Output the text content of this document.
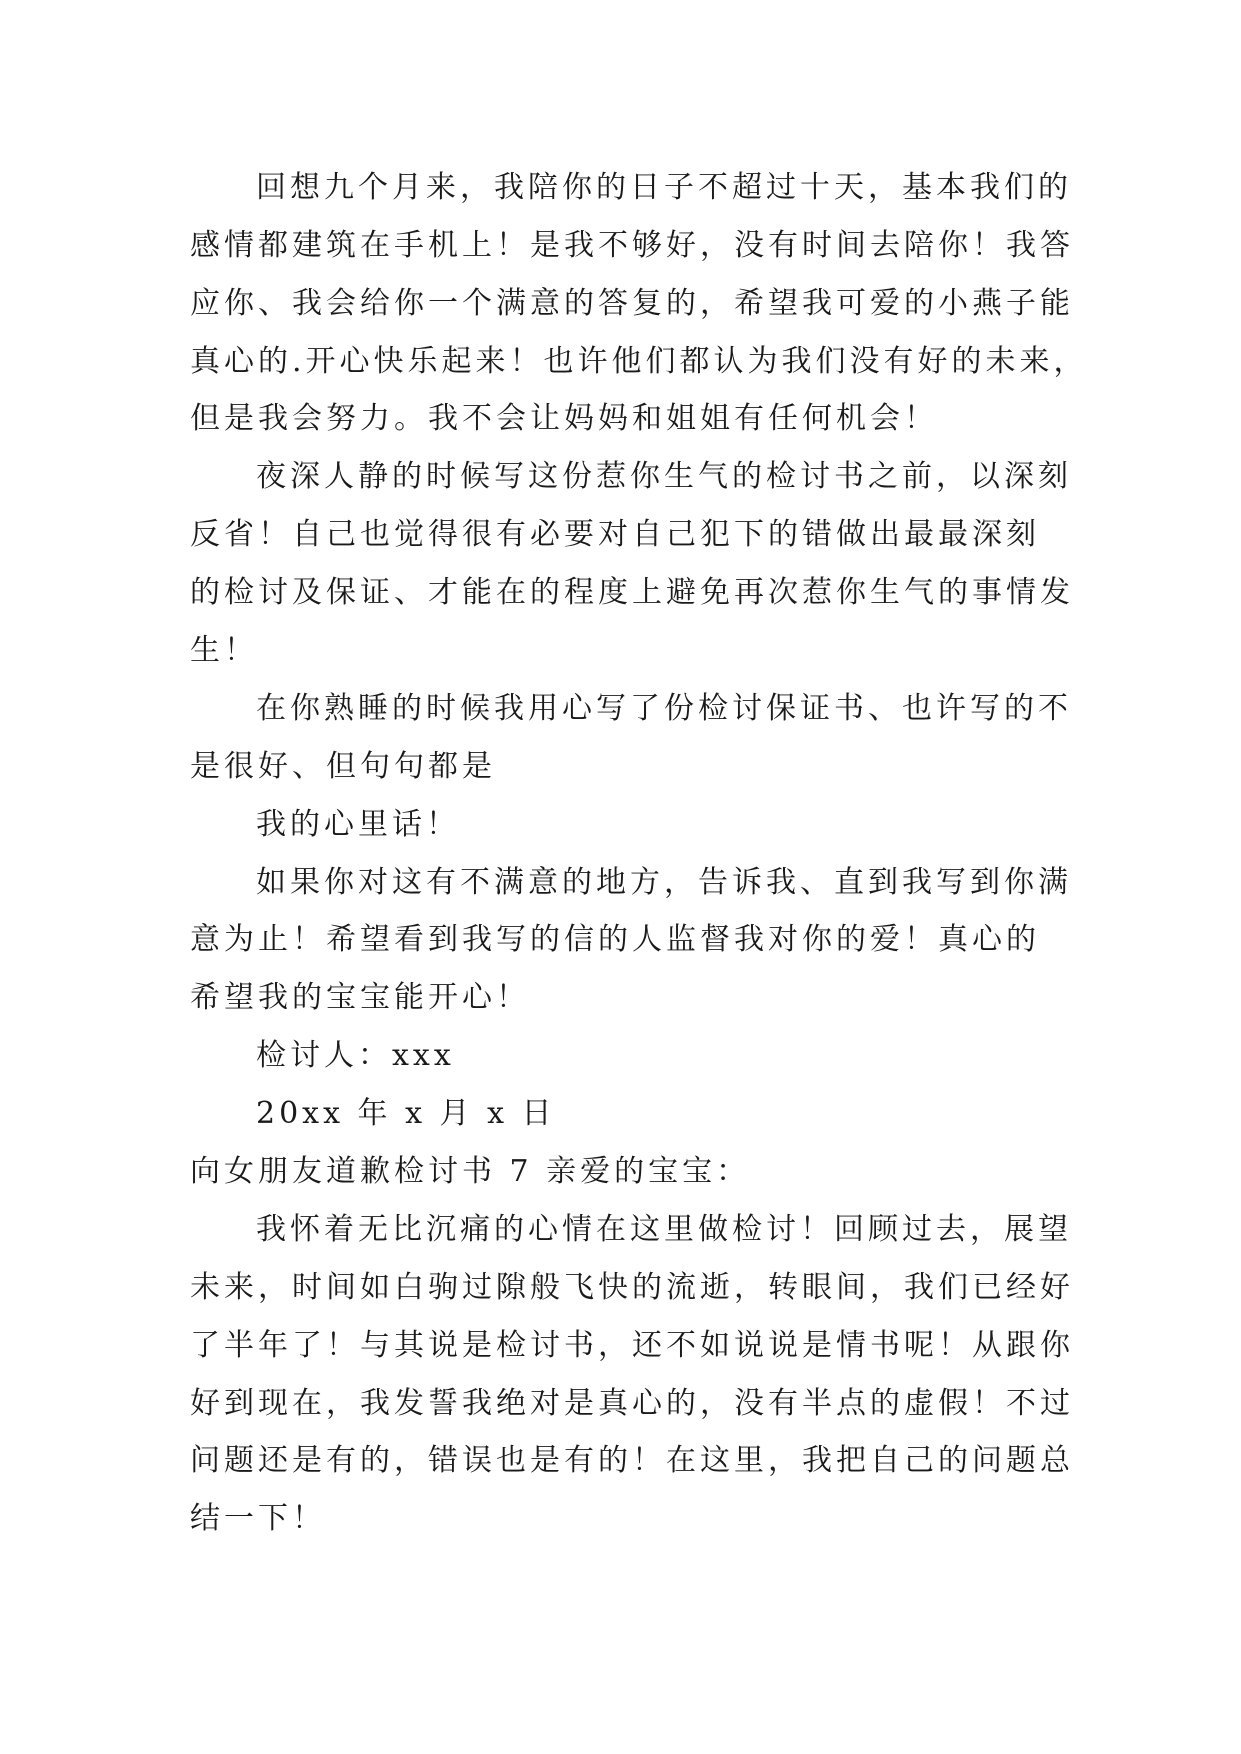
回想九个月来，我陪你的日子不超过十天，基本我们的
感情都建筑在手机上！是我不够好，没有时间去陪你！我答
应你、我会给你一个满意的答复的，希望我可爱的小燕子能
真心的.开心快乐起来！也许他们都认为我们没有好的未来，
但是我会努力。我不会让妈妈和姐姐有任何机会！
夜深人静的时候写这份惹你生气的检讨书之前，以深刻
反省！自己也觉得很有必要对自己犯下的错做出最最深刻
的检讨及保证、才能在的程度上避免再次惹你生气的事情发
生！
在你熟睡的时候我用心写了份检讨保证书、也许写的不
是很好、但句句都是
我的心里话！
如果你对这有不满意的地方，告诉我、直到我写到你满
意为止！希望看到我写的信的人监督我对你的爱！真心的
希望我的宝宝能开心！
检讨人：xxx
20xx 年 x 月 x 日
向女朋友道歉检讨书 7 亲爱的宝宝：
我怀着无比沉痛的心情在这里做检讨！回顾过去，展望
未来，时间如白驹过隙般飞快的流逝，转眼间，我们已经好
了半年了！与其说是检讨书，还不如说说是情书呢！从跟你
好到现在，我发誓我绝对是真心的，没有半点的虚假！不过
问题还是有的，错误也是有的！在这里，我把自己的问题总
结一下！
